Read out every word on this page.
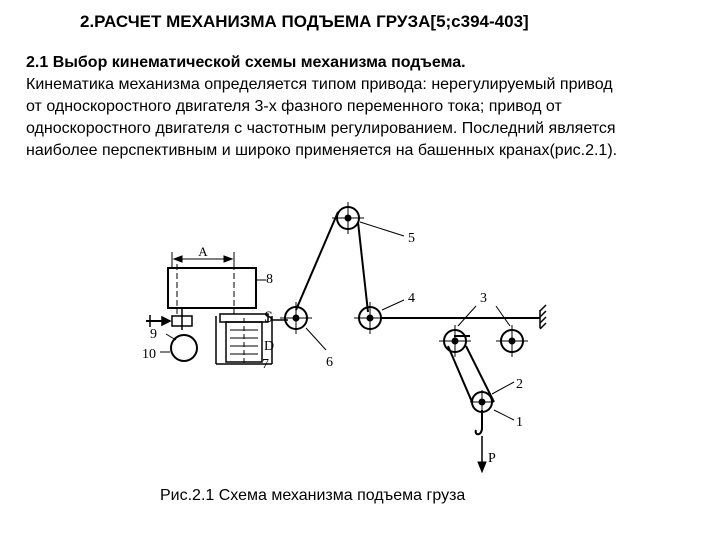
2.РАСЧЕТ МЕХАНИЗМА ПОДЪЕМА ГРУЗА[5;с394-403]
2.1 Выбор кинематической схемы механизма подъема.
Кинематика механизма определяется типом привода: нерегулируемый привод
от односкоростного двигателя 3-х фазного переменного тока; привод от
односкоростного двигателя с частотным регулированием. Последний является
наиболее перспективным и широко применяется на башенных кранах(рис.2.1).
A
8
9
10
S
D
7	6
5
4	3
2
1
P
Рис.2.1 Схема механизма подъема груза
